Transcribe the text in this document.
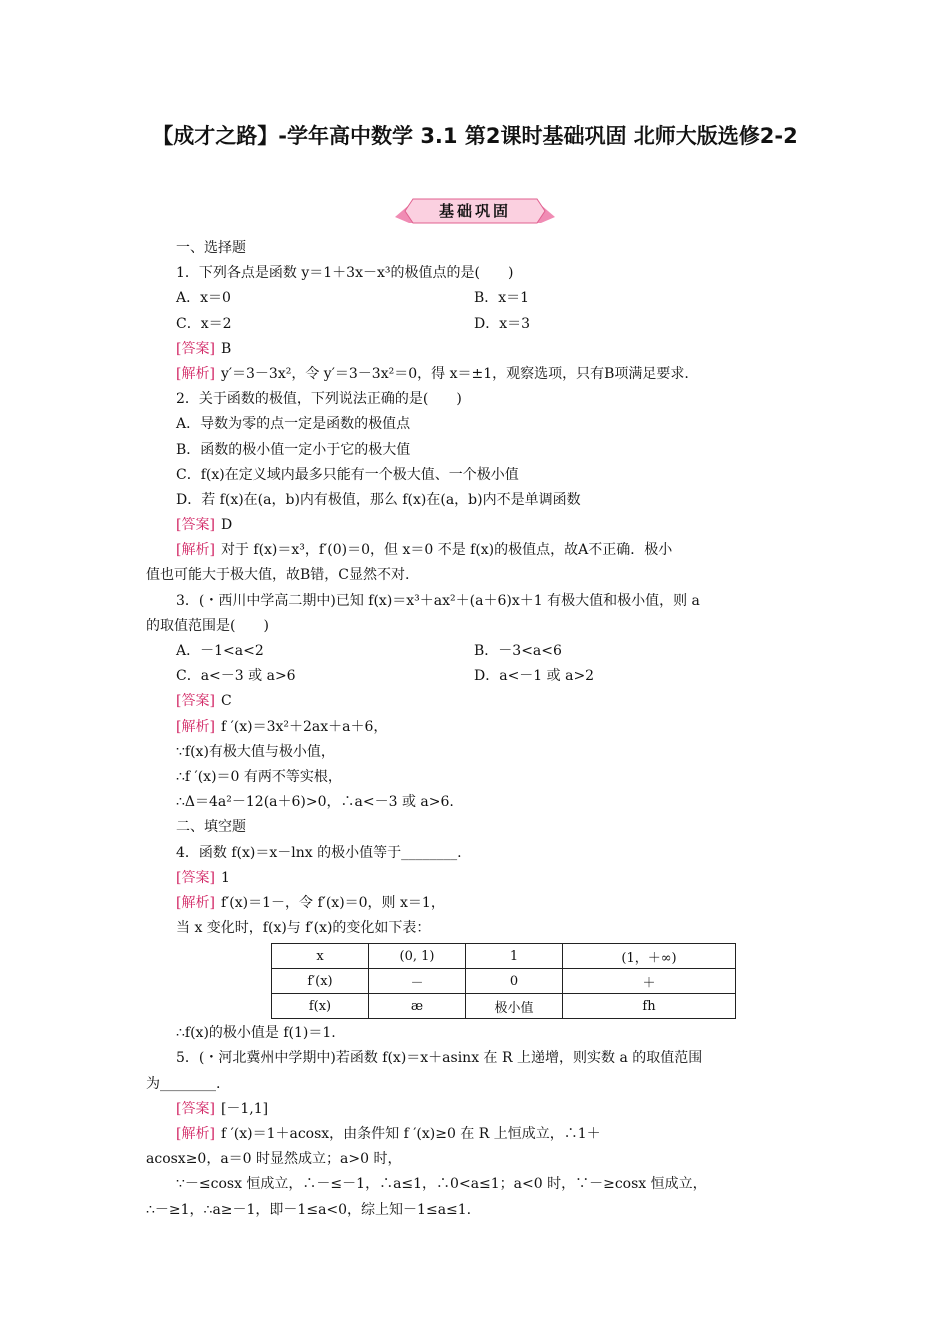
【成才之路】-学年高中数学 3.1 第2课时基础巩固 北师大版选修2-2
基础巩固
一、选择题
1．下列各点是函数 y＝1＋3x－x³的极值点的是(　　)
A．x＝0	B．x＝1
C．x＝2	D．x＝3
[答案] B
[解析] y′＝3－3x²，令 y′＝3－3x²＝0，得 x＝±1，观察选项，只有B项满足要求.
2．关于函数的极值，下列说法正确的是(　　)
A．导数为零的点一定是函数的极值点
B．函数的极小值一定小于它的极大值
C．f(x)在定义域内最多只能有一个极大值、一个极小值
D．若 f(x)在(a，b)内有极值，那么 f(x)在(a，b)内不是单调函数
[答案] D
[解析] 对于 f(x)＝x³，f′(0)＝0，但 x＝0 不是 f(x)的极值点，故A不正确．极小
值也可能大于极大值，故B错，C显然不对.
3．(・西川中学高二期中)已知 f(x)＝x³＋ax²＋(a＋6)x＋1 有极大值和极小值，则 a
的取值范围是(　　)
A．－1<a<2	B．－3<a<6
C．a<－3 或 a>6	D．a<－1 或 a>2
[答案] C
[解析] f ′(x)＝3x²＋2ax＋a＋6，
∵f(x)有极大值与极小值，
∴f ′(x)＝0 有两不等实根，
∴Δ＝4a²－12(a＋6)>0，∴a<－3 或 a>6.
二、填空题
4．函数 f(x)＝x－lnx 的极小值等于________.
[答案] 1
[解析] f′(x)＝1－，令 f′(x)＝0，则 x＝1，
当 x 变化时，f(x)与 f′(x)的变化如下表：
x	(0, 1)	1	(1，＋∞)
f′(x)	－	0	＋
f(x)	æ	极小值	fh
∴f(x)的极小值是 f(1)＝1.
5．(・河北冀州中学期中)若函数 f(x)＝x＋asinx 在 R 上递增，则实数 a 的取值范围
为________.
[答案] [－1,1]
[解析] f ′(x)＝1＋acosx，由条件知 f ′(x)≥0 在 R 上恒成立，∴1＋
acosx≥0，a＝0 时显然成立；a>0 时，
∵－≤cosx 恒成立，∴－≤－1，∴a≤1，∴0<a≤1；a<0 时，∵－≥cosx 恒成立，
∴－≥1，∴a≥－1，即－1≤a<0，综上知－1≤a≤1.
